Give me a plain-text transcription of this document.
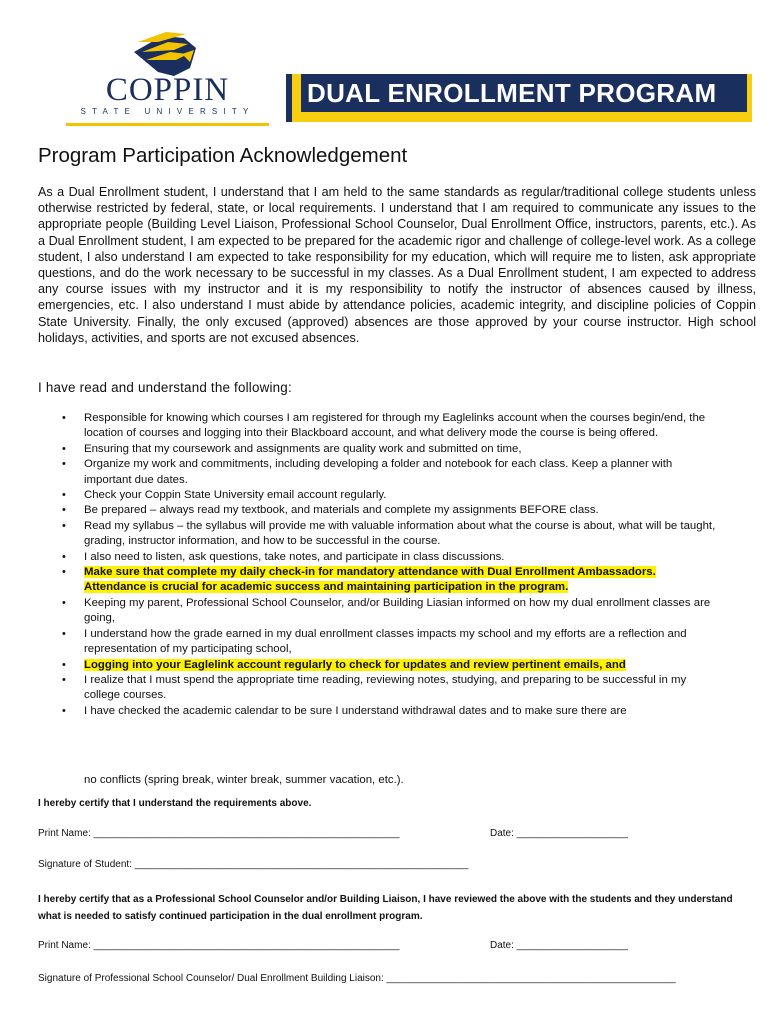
COPPIN
STATE UNIVERSITY
DUAL ENROLLMENT PROGRAM
Program Participation Acknowledgement
As a Dual Enrollment student, I understand that I am held to the same standards as regular/traditional college students unless otherwise restricted by federal, state, or local requirements. I understand that I am required to communicate any issues to the appropriate people (Building Level Liaison, Professional School Counselor, Dual Enrollment Office, instructors, parents, etc.). As a Dual Enrollment student, I am expected to be prepared for the academic rigor and challenge of college-level work. As a college student, I also understand I am expected to take responsibility for my education, which will require me to listen, ask appropriate questions, and do the work necessary to be successful in my classes. As a Dual Enrollment student, I am expected to address any course issues with my instructor and it is my responsibility to notify the instructor of absences caused by illness, emergencies, etc. I also understand I must abide by attendance policies, academic integrity, and discipline policies of Coppin State University. Finally, the only excused (approved) absences are those approved by your course instructor. High school holidays, activities, and sports are not excused absences.
I have read and understand the following:
• Responsible for knowing which courses I am registered for through my Eaglelinks account when the courses begin/end, the location of courses and logging into their Blackboard account, and what delivery mode the course is being offered.
• Ensuring that my coursework and assignments are quality work and submitted on time,
• Organize my work and commitments, including developing a folder and notebook for each class. Keep a planner with important due dates.
• Check your Coppin State University email account regularly.
• Be prepared – always read my textbook, and materials and complete my assignments BEFORE class.
• Read my syllabus – the syllabus will provide me with valuable information about what the course is about, what will be taught, grading, instructor information, and how to be successful in the course.
• I also need to listen, ask questions, take notes, and participate in class discussions.
• Make sure that complete my daily check-in for mandatory attendance with Dual Enrollment Ambassadors. Attendance is crucial for academic success and maintaining participation in the program.
• Keeping my parent, Professional School Counselor, and/or Building Liasian informed on how my dual enrollment classes are going,
• I understand how the grade earned in my dual enrollment classes impacts my school and my efforts are a reflection and representation of my participating school,
• Logging into your Eaglelink account regularly to check for updates and review pertinent emails, and
• I realize that I must spend the appropriate time reading, reviewing notes, studying, and preparing to be successful in my college courses.
• I have checked the academic calendar to be sure I understand withdrawal dates and to make sure there are
no conflicts (spring break, winter break, summer vacation, etc.).
I hereby certify that I understand the requirements above.
Print Name: _______________________________________________________	Date: ____________________
Signature of Student: ____________________________________________________________
I hereby certify that as a Professional School Counselor and/or Building Liaison, I have reviewed the above with the students and they understand what is needed to satisfy continued participation in the dual enrollment program.
Print Name: _______________________________________________________	Date: ____________________
Signature of Professional School Counselor/ Dual Enrollment Building Liaison: ____________________________________________________
